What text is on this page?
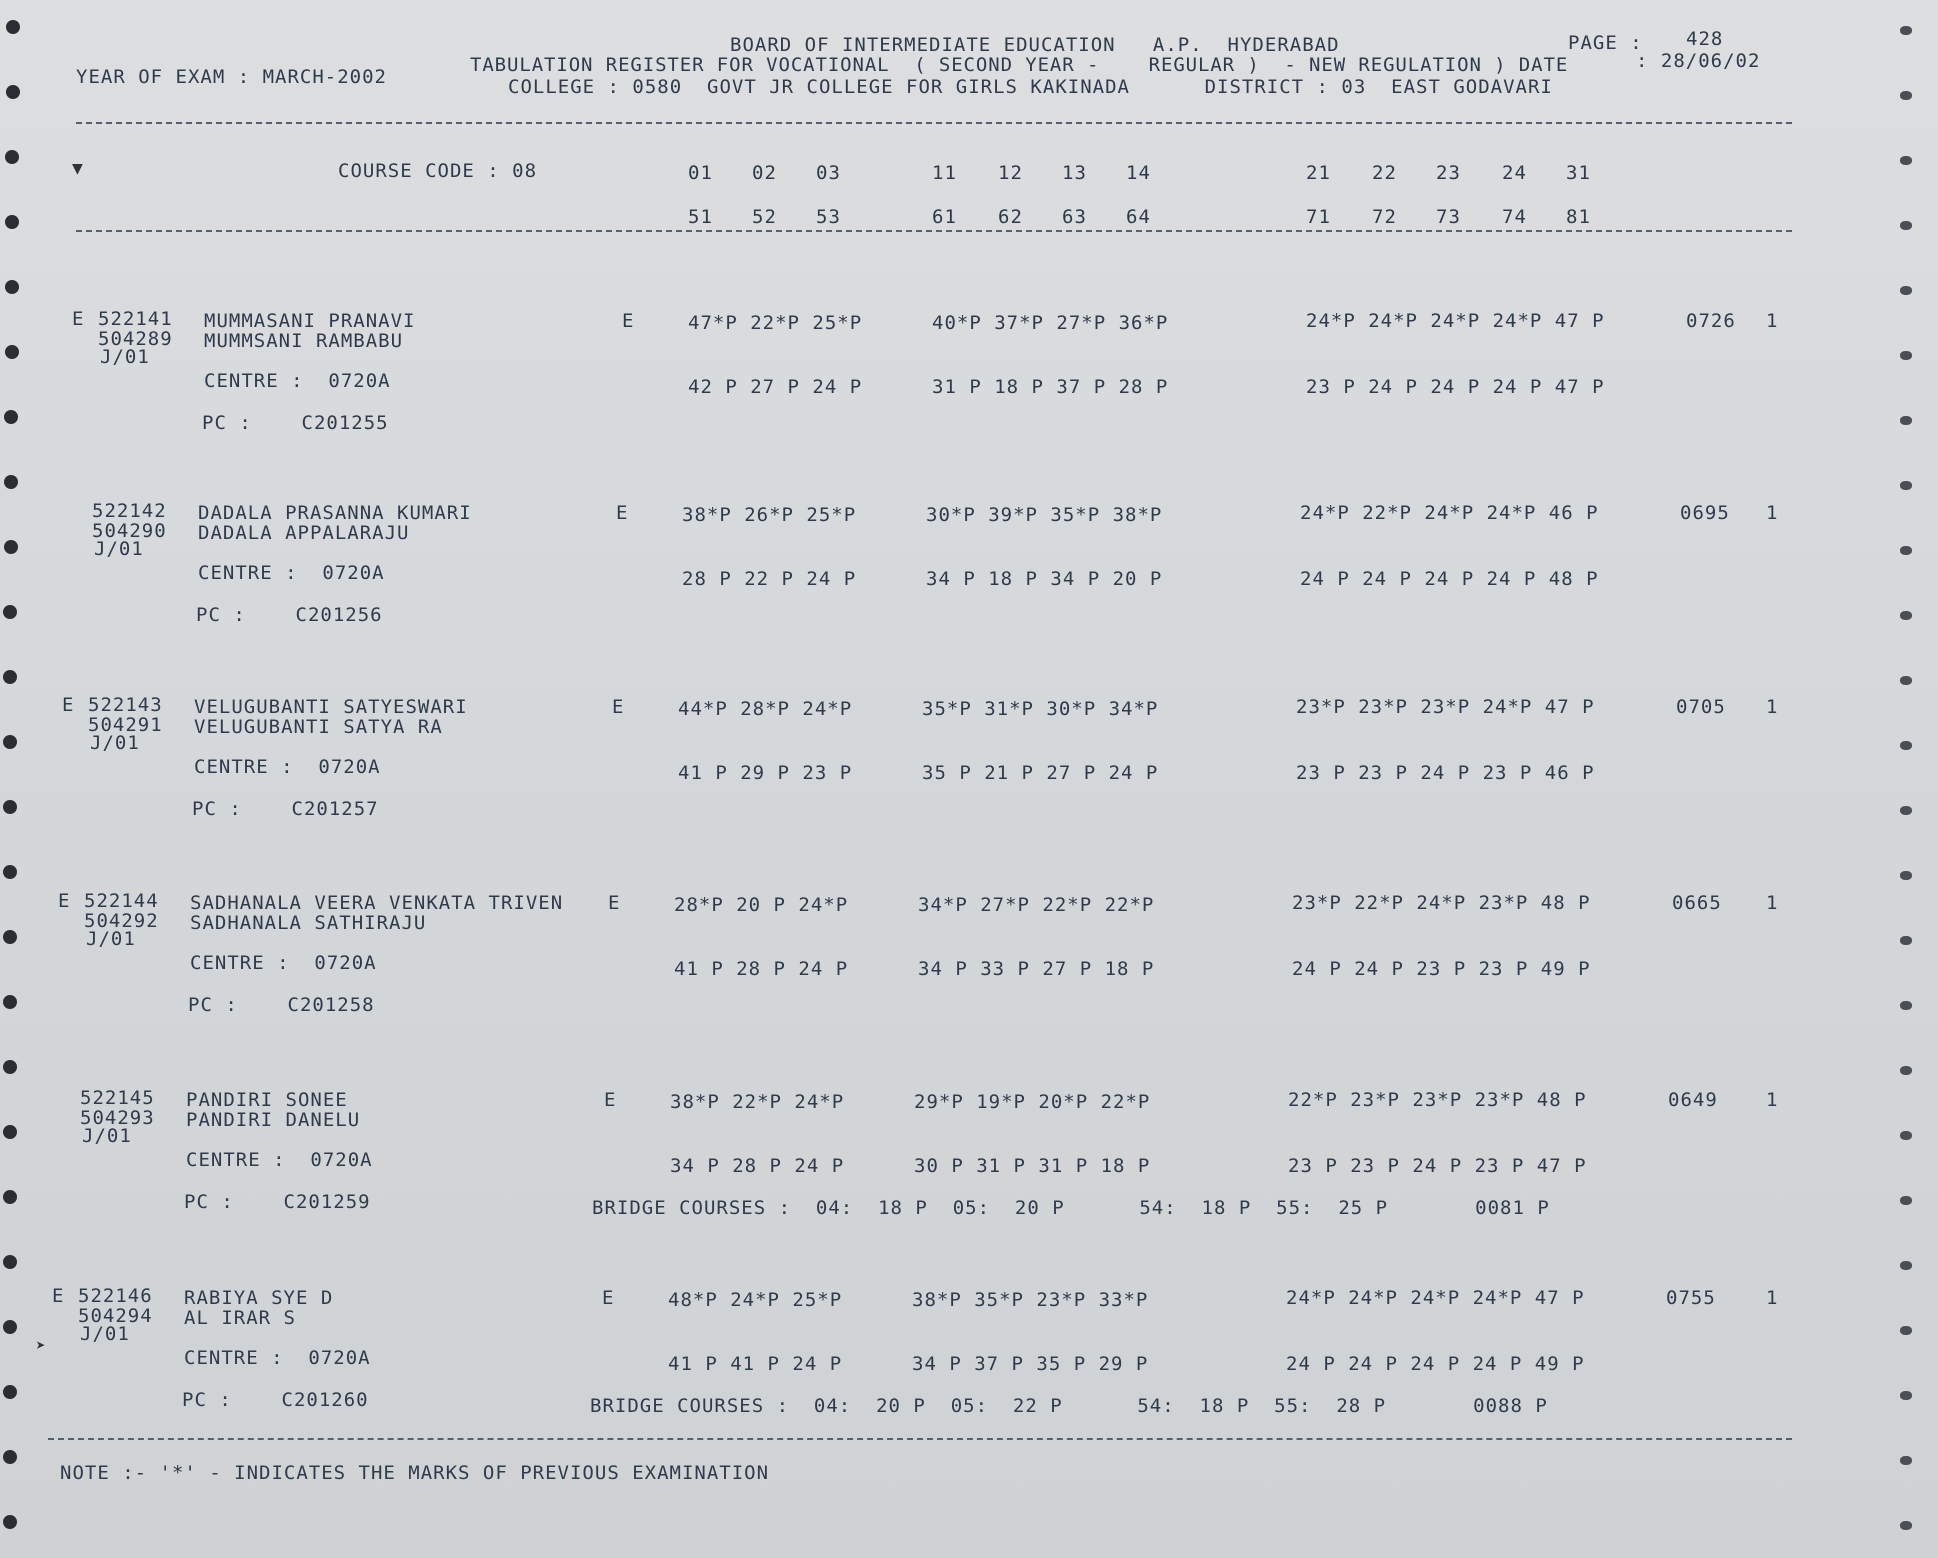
YEAR OF EXAM : MARCH-2002
BOARD OF INTERMEDIATE EDUCATION   A.P.  HYDERABAD
TABULATION REGISTER FOR VOCATIONAL  ( SECOND YEAR -    REGULAR )  - NEW REGULATION ) DATE
COLLEGE : 0580  GOVT JR COLLEGE FOR GIRLS KAKINADA      DISTRICT : 03  EAST GODAVARI
PAGE : 428
: 28/06/02
▼	COURSE CODE : 08	01 02 03	11 12 13 14	21 22 23 24 31
51 52 53	61 62 63 64	71 72 73 74 81
E 522141
504289
J/01
MUMMASANI PRANAVI
MUMMSANI RAMBABU
CENTRE :  0720A
PC :    C201255
E	47*P 22*P 25*P	40*P 37*P 27*P 36*P	24*P 24*P 24*P 24*P 47 P	0726 1
42 P 27 P 24 P	31 P 18 P 37 P 28 P	23 P 24 P 24 P 24 P 47 P
522142
504290
J/01
DADALA PRASANNA KUMARI
DADALA APPALARAJU
CENTRE :  0720A
PC :    C201256
E	38*P 26*P 25*P	30*P 39*P 35*P 38*P	24*P 22*P 24*P 24*P 46 P	0695 1
28 P 22 P 24 P	34 P 18 P 34 P 20 P	24 P 24 P 24 P 24 P 48 P
E 522143
504291
J/01
VELUGUBANTI SATYESWARI
VELUGUBANTI SATYA RA
CENTRE :  0720A
PC :    C201257
E	44*P 28*P 24*P	35*P 31*P 30*P 34*P	23*P 23*P 23*P 24*P 47 P	0705 1
41 P 29 P 23 P	35 P 21 P 27 P 24 P	23 P 23 P 24 P 23 P 46 P
E 522144
504292
J/01
SADHANALA VEERA VENKATA TRIVEN
SADHANALA SATHIRAJU
CENTRE :  0720A
PC :    C201258
E	28*P 20 P 24*P	34*P 27*P 22*P 22*P	23*P 22*P 24*P 23*P 48 P	0665 1
41 P 28 P 24 P	34 P 33 P 27 P 18 P	24 P 24 P 23 P 23 P 49 P
522145
504293
J/01
PANDIRI SONEE
PANDIRI DANELU
CENTRE :  0720A
PC :    C201259
E	38*P 22*P 24*P	29*P 19*P 20*P 22*P	22*P 23*P 23*P 23*P 48 P	0649	1
34 P 28 P 24 P	30 P 31 P 31 P 18 P	23 P 23 P 24 P 23 P 47 P
BRIDGE COURSES :  04:  18 P  05:  20 P      54:  18 P  55:  25 P       0081 P
E 522146
504294
J/01
RABIYA SYE D
AL IRAR S
CENTRE :  0720A
PC :    C201260
E	48*P 24*P 25*P	38*P 35*P 23*P 33*P	24*P 24*P 24*P 24*P 47 P	0755	1
41 P 41 P 24 P	34 P 37 P 35 P 29 P	24 P 24 P 24 P 24 P 49 P
BRIDGE COURSES :  04:  20 P  05:  22 P      54:  18 P  55:  28 P       0088 P
NOTE :- '*' - INDICATES THE MARKS OF PREVIOUS EXAMINATION
➤
